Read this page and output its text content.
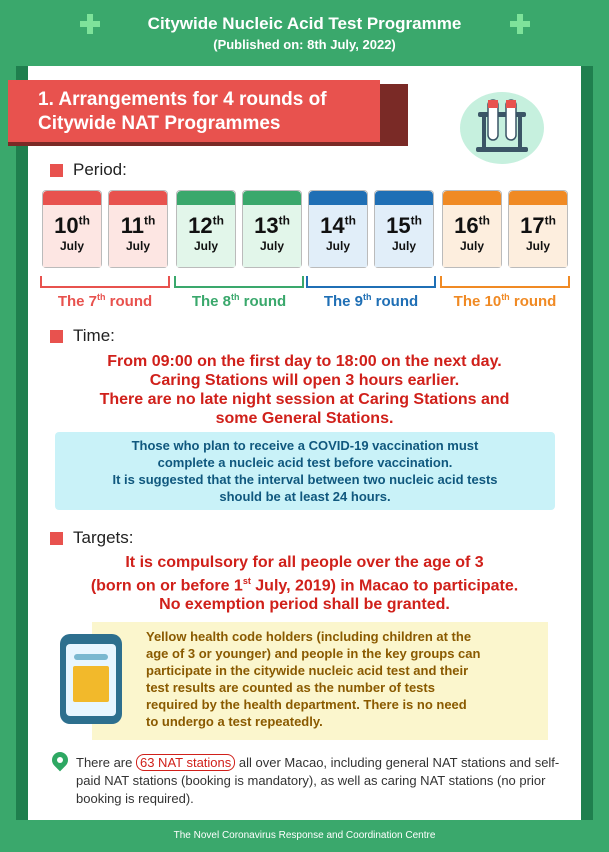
Citywide Nucleic Acid Test Programme
(Published on: 8th July, 2022)
1. Arrangements for 4 rounds of
Citywide NAT Programmes
Period:
10th
July
11th
July
12th
July
13th
July
14th
July
15th
July
16th
July
17th
July
The 7th round	The 8th round	The 9th round	The 10th round
Time:
From 09:00 on the first day to 18:00 on the next day.
Caring Stations will open 3 hours earlier.
There are no late night session at Caring Stations and
some General Stations.
Those who plan to receive a COVID-19 vaccination must
complete a nucleic acid test before vaccination.
It is suggested that the interval between two nucleic acid tests
should be at least 24 hours.
Targets:
It is compulsory for all people over the age of 3
(born on or before 1st July, 2019) in Macao to participate.
No exemption period shall be granted.
Yellow health code holders (including children at the
age of 3 or younger) and people in the key groups can
participate in the citywide nucleic acid test and their
test results are counted as the number of tests
required by the health department. There is no need
to undergo a test repeatedly.
There are 63 NAT stations all over Macao, including general NAT stations and self-paid NAT stations (booking is mandatory), as well as caring NAT stations (no prior booking is required).
The Novel Coronavirus Response and Coordination Centre
